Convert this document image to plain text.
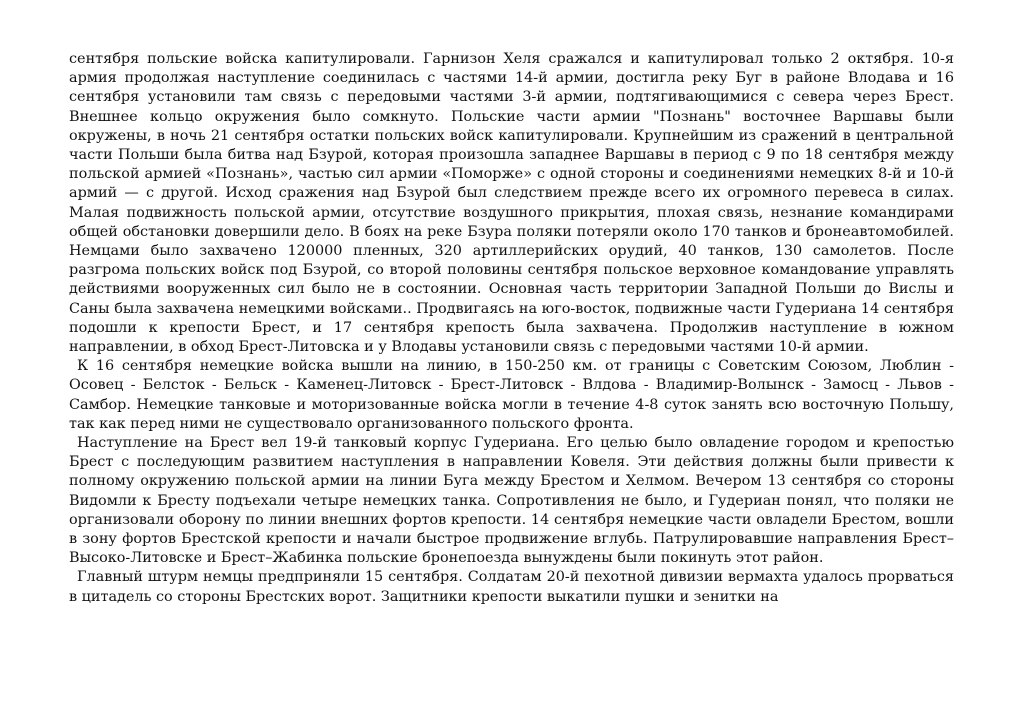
сентября польские войска капитулировали. Гарнизон Хеля сражался и капитулировал только 2 октября. 10-я армия продолжая наступление соединилась с частями 14-й армии, достигла реку Буг в районе Влодава и 16 сентября установили там связь с передовыми частями 3-й армии, подтягивающимися с севера через Брест. Внешнее кольцо окружения было сомкнуто. Польские части армии "Познань" восточнее Варшавы были окружены, в ночь 21 сентября остатки польских войск капитулировали. Крупнейшим из сражений в центральной части Польши была битва над Бзурой, которая произошла западнее Варшавы в период с 9 по 18 сентября между польской армией «Познань», частью сил армии «Поморже» с одной стороны и соединениями немецких 8-й и 10-й армий — с другой. Исход сражения над Бзурой был следствием прежде всего их огромного перевеса в силах. Малая подвижность польской армии, отсутствие воздушного прикрытия, плохая связь, незнание командирами общей обстановки довершили дело. В боях на реке Бзура поляки потеряли около 170 танков и бронеавтомобилей. Немцами было захвачено 120000 пленных, 320 артиллерийских орудий, 40 танков, 130 самолетов. После разгрома польских войск под Бзурой, со второй половины сентября польское верховное командование управлять действиями вооруженных сил было не в состоянии. Основная часть территории Западной Польши до Вислы и Саны была захвачена немецкими войсками.. Продвигаясь на юго-восток, подвижные части Гудериана 14 сентября подошли к крепости Брест, и 17 сентября крепость была захвачена. Продолжив наступление в южном направлении, в обход Брест-Литовска и у Влодавы установили связь с передовыми частями 10-й армии.

К 16 сентября немецкие войска вышли на линию, в 150-250 км. от границы с Советским Союзом, Люблин - Осовец - Белсток - Бельск - Каменец-Литовск - Брест-Литовск - Влдова - Владимир-Волынск - Замосц - Львов - Самбор. Немецкие танковые и моторизованные войска могли в течение 4-8 суток занять всю восточную Польшу, так как перед ними не существовало организованного польского фронта.

Наступление на Брест вел 19-й танковый корпус Гудериана. Его целью было овладение городом и крепостью Брест с последующим развитием наступления в направлении Ковеля. Эти действия должны были привести к полному окружению польской армии на линии Буга между Брестом и Хелмом. Вечером 13 сентября со стороны Видомли к Бресту подъехали четыре немецких танка. Сопротивления не было, и Гудериан понял, что поляки не организовали оборону по линии внешних фортов крепости. 14 сентября немецкие части овладели Брестом, вошли в зону фортов Брестской крепости и начали быстрое продвижение вглубь. Патрулировавшие направления Брест–Высоко-Литовске и Брест–Жабинка польские бронепоезда вынуждены были покинуть этот район.

Главный штурм немцы предприняли 15 сентября. Солдатам 20-й пехотной дивизии вермахта удалось прорваться в цитадель со стороны Брестских ворот. Защитники крепости выкатили пушки и зенитки на
